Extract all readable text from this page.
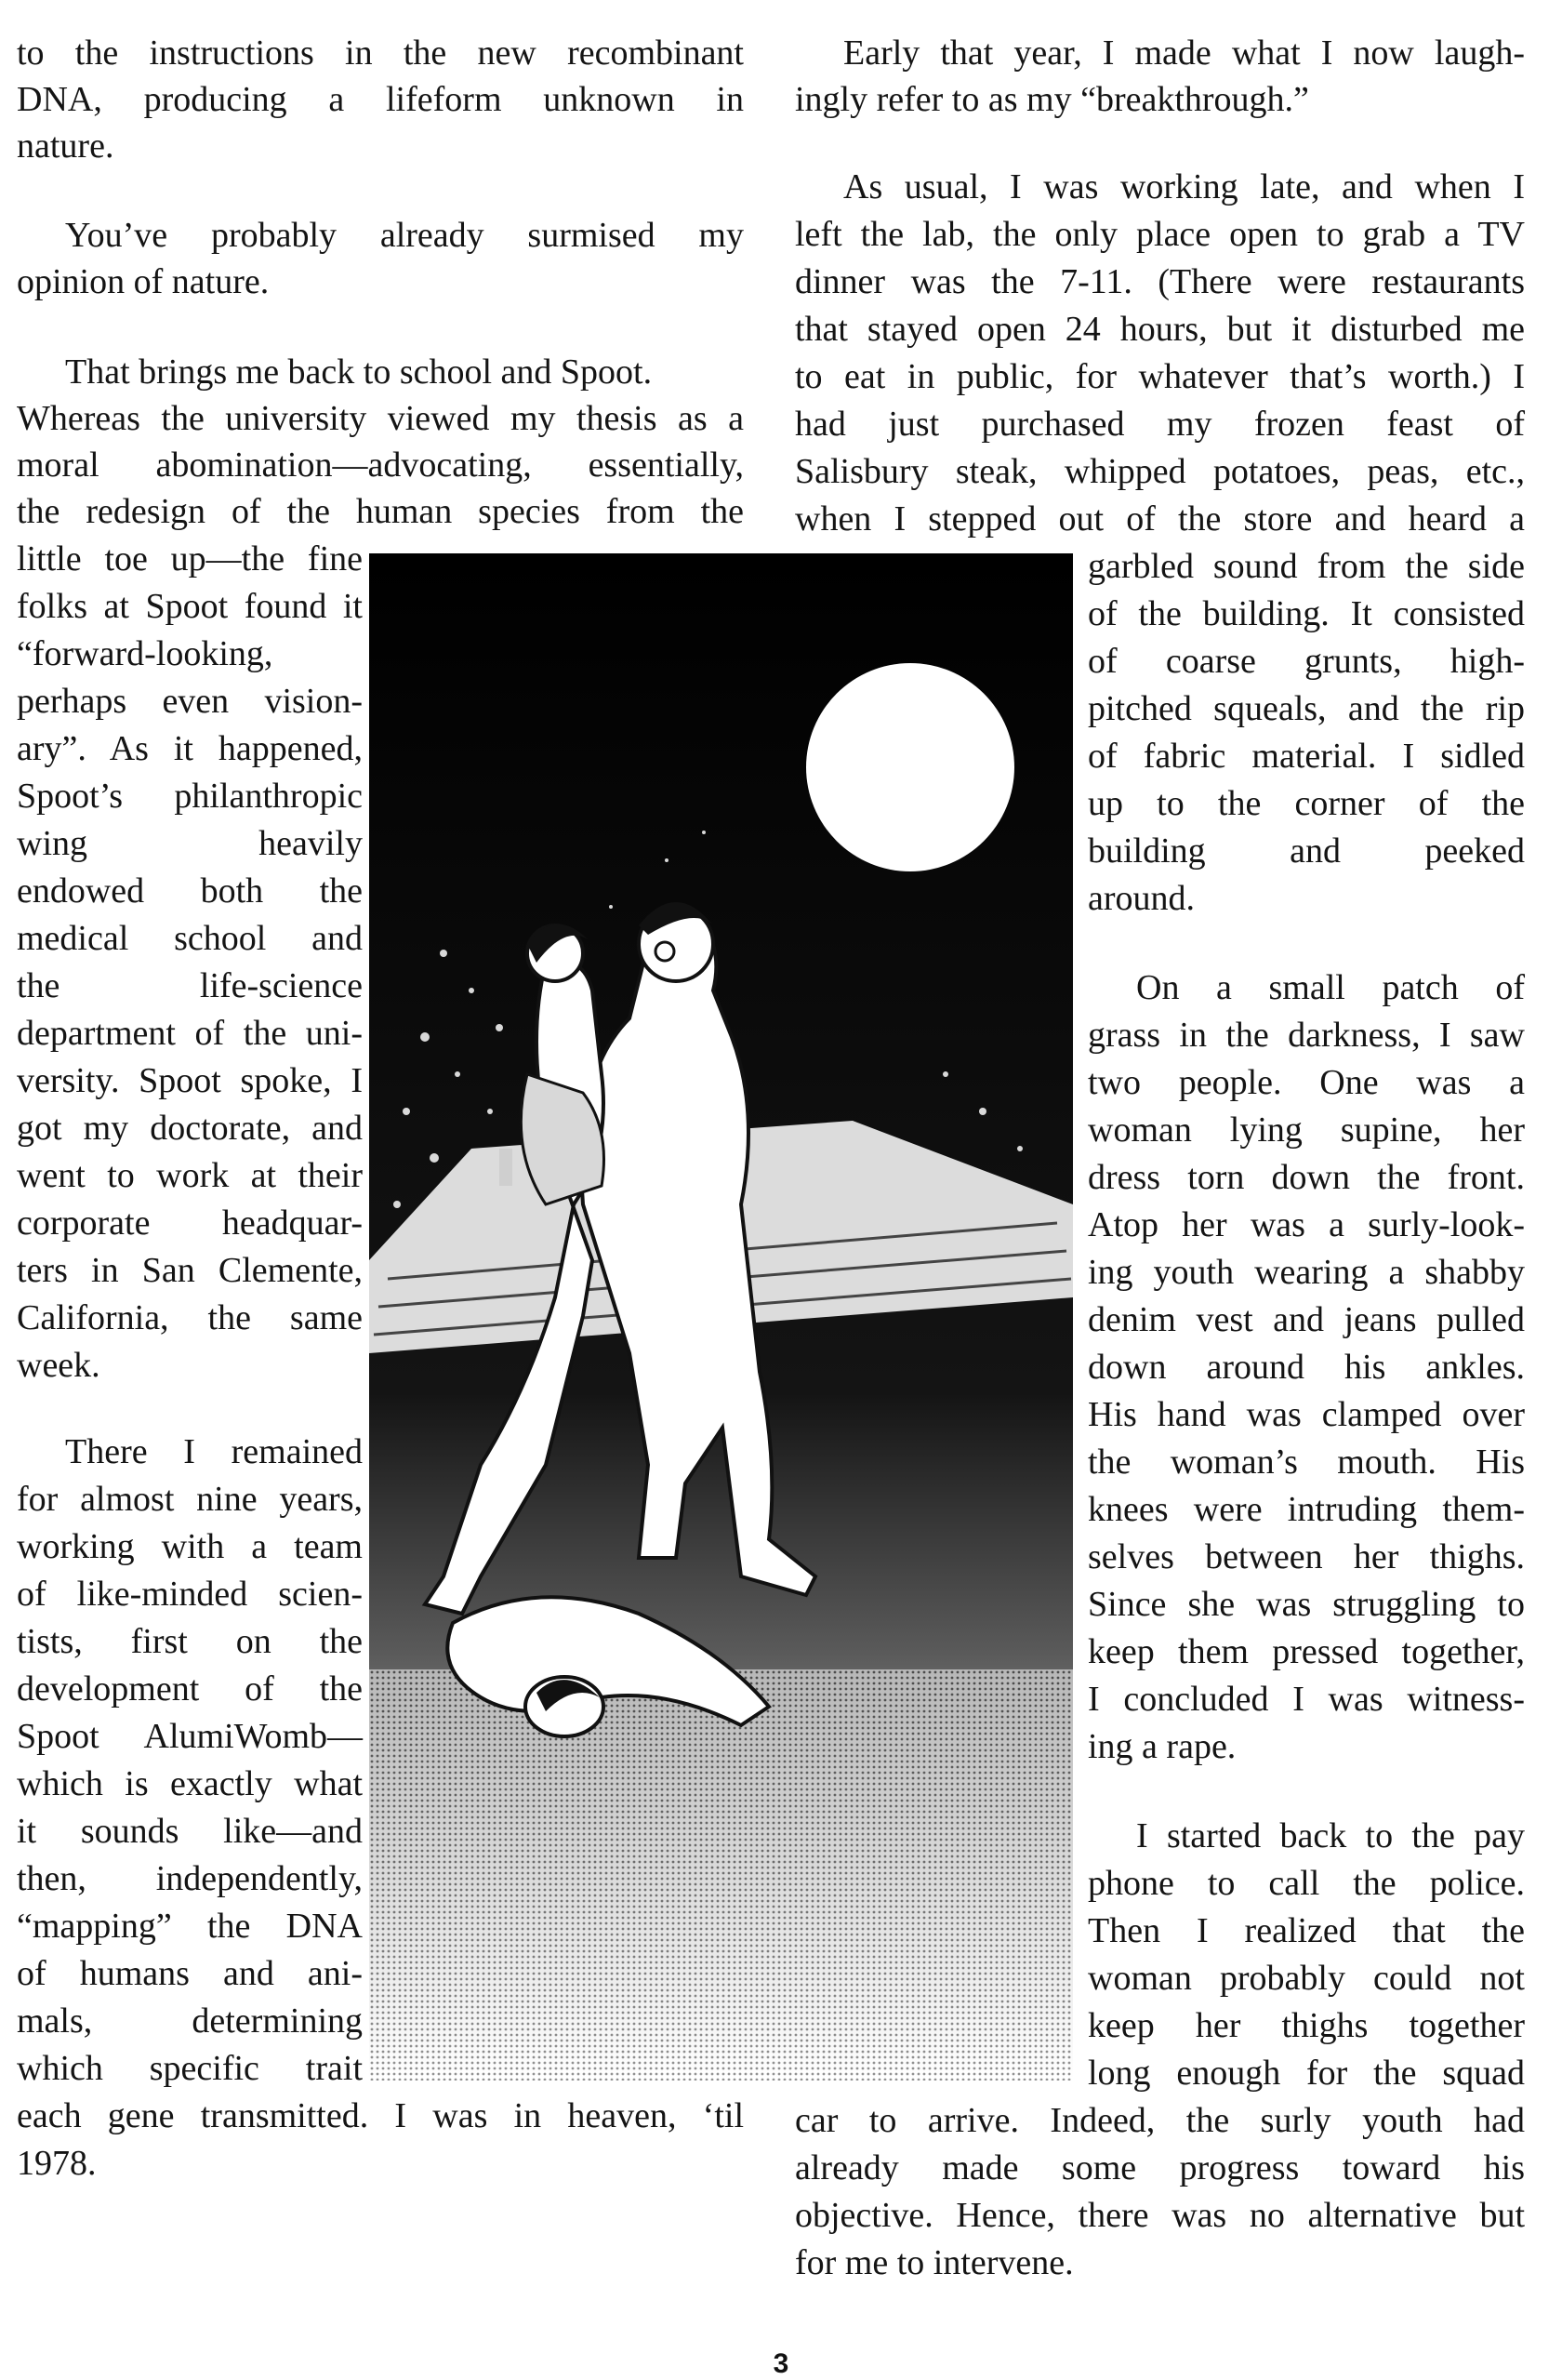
to the instructions in the new recombinant
DNA, producing a lifeform unknown in
nature.
You’ve probably already surmised my
opinion of nature.
That brings me back to school and Spoot.
Whereas the university viewed my thesis as a
moral abomination—advocating, essentially,
the redesign of the human species from the
little toe up—the fine
folks at Spoot found it
“forward-looking,
perhaps even vision-
ary”. As it happened,
Spoot’s philanthropic
wing heavily
endowed both the
medical school and
the life-science
department of the uni-
versity. Spoot spoke, I
got my doctorate, and
went to work at their
corporate headquar-
ters in San Clemente,
California, the same
week.
There I remained
for almost nine years,
working with a team
of like-minded scien-
tists, first on the
development of the
Spoot AlumiWomb—
which is exactly what
it sounds like—and
then, independently,
“mapping” the DNA
of humans and ani-
mals, determining
which specific trait
each gene transmitted. I was in heaven, ‘til
1978.
Early that year, I made what I now laugh-
ingly refer to as my “breakthrough.”
As usual, I was working late, and when I
left the lab, the only place open to grab a TV
dinner was the 7-11. (There were restaurants
that stayed open 24 hours, but it disturbed me
to eat in public, for whatever that’s worth.) I
had just purchased my frozen feast of
Salisbury steak, whipped potatoes, peas, etc.,
when I stepped out of the store and heard a
garbled sound from the side
of the building. It consisted
of coarse grunts, high-
pitched squeals, and the rip
of fabric material. I sidled
up to the corner of the
building and peeked
around.
On a small patch of
grass in the darkness, I saw
two people. One was a
woman lying supine, her
dress torn down the front.
Atop her was a surly-look-
ing youth wearing a shabby
denim vest and jeans pulled
down around his ankles.
His hand was clamped over
the woman’s mouth. His
knees were intruding them-
selves between her thighs.
Since she was struggling to
keep them pressed together,
I concluded I was witness-
ing a rape.
I started back to the pay
phone to call the police.
Then I realized that the
woman probably could not
keep her thighs together
long enough for the squad
car to arrive. Indeed, the surly youth had
already made some progress toward his
objective. Hence, there was no alternative but
for me to intervene.
3
